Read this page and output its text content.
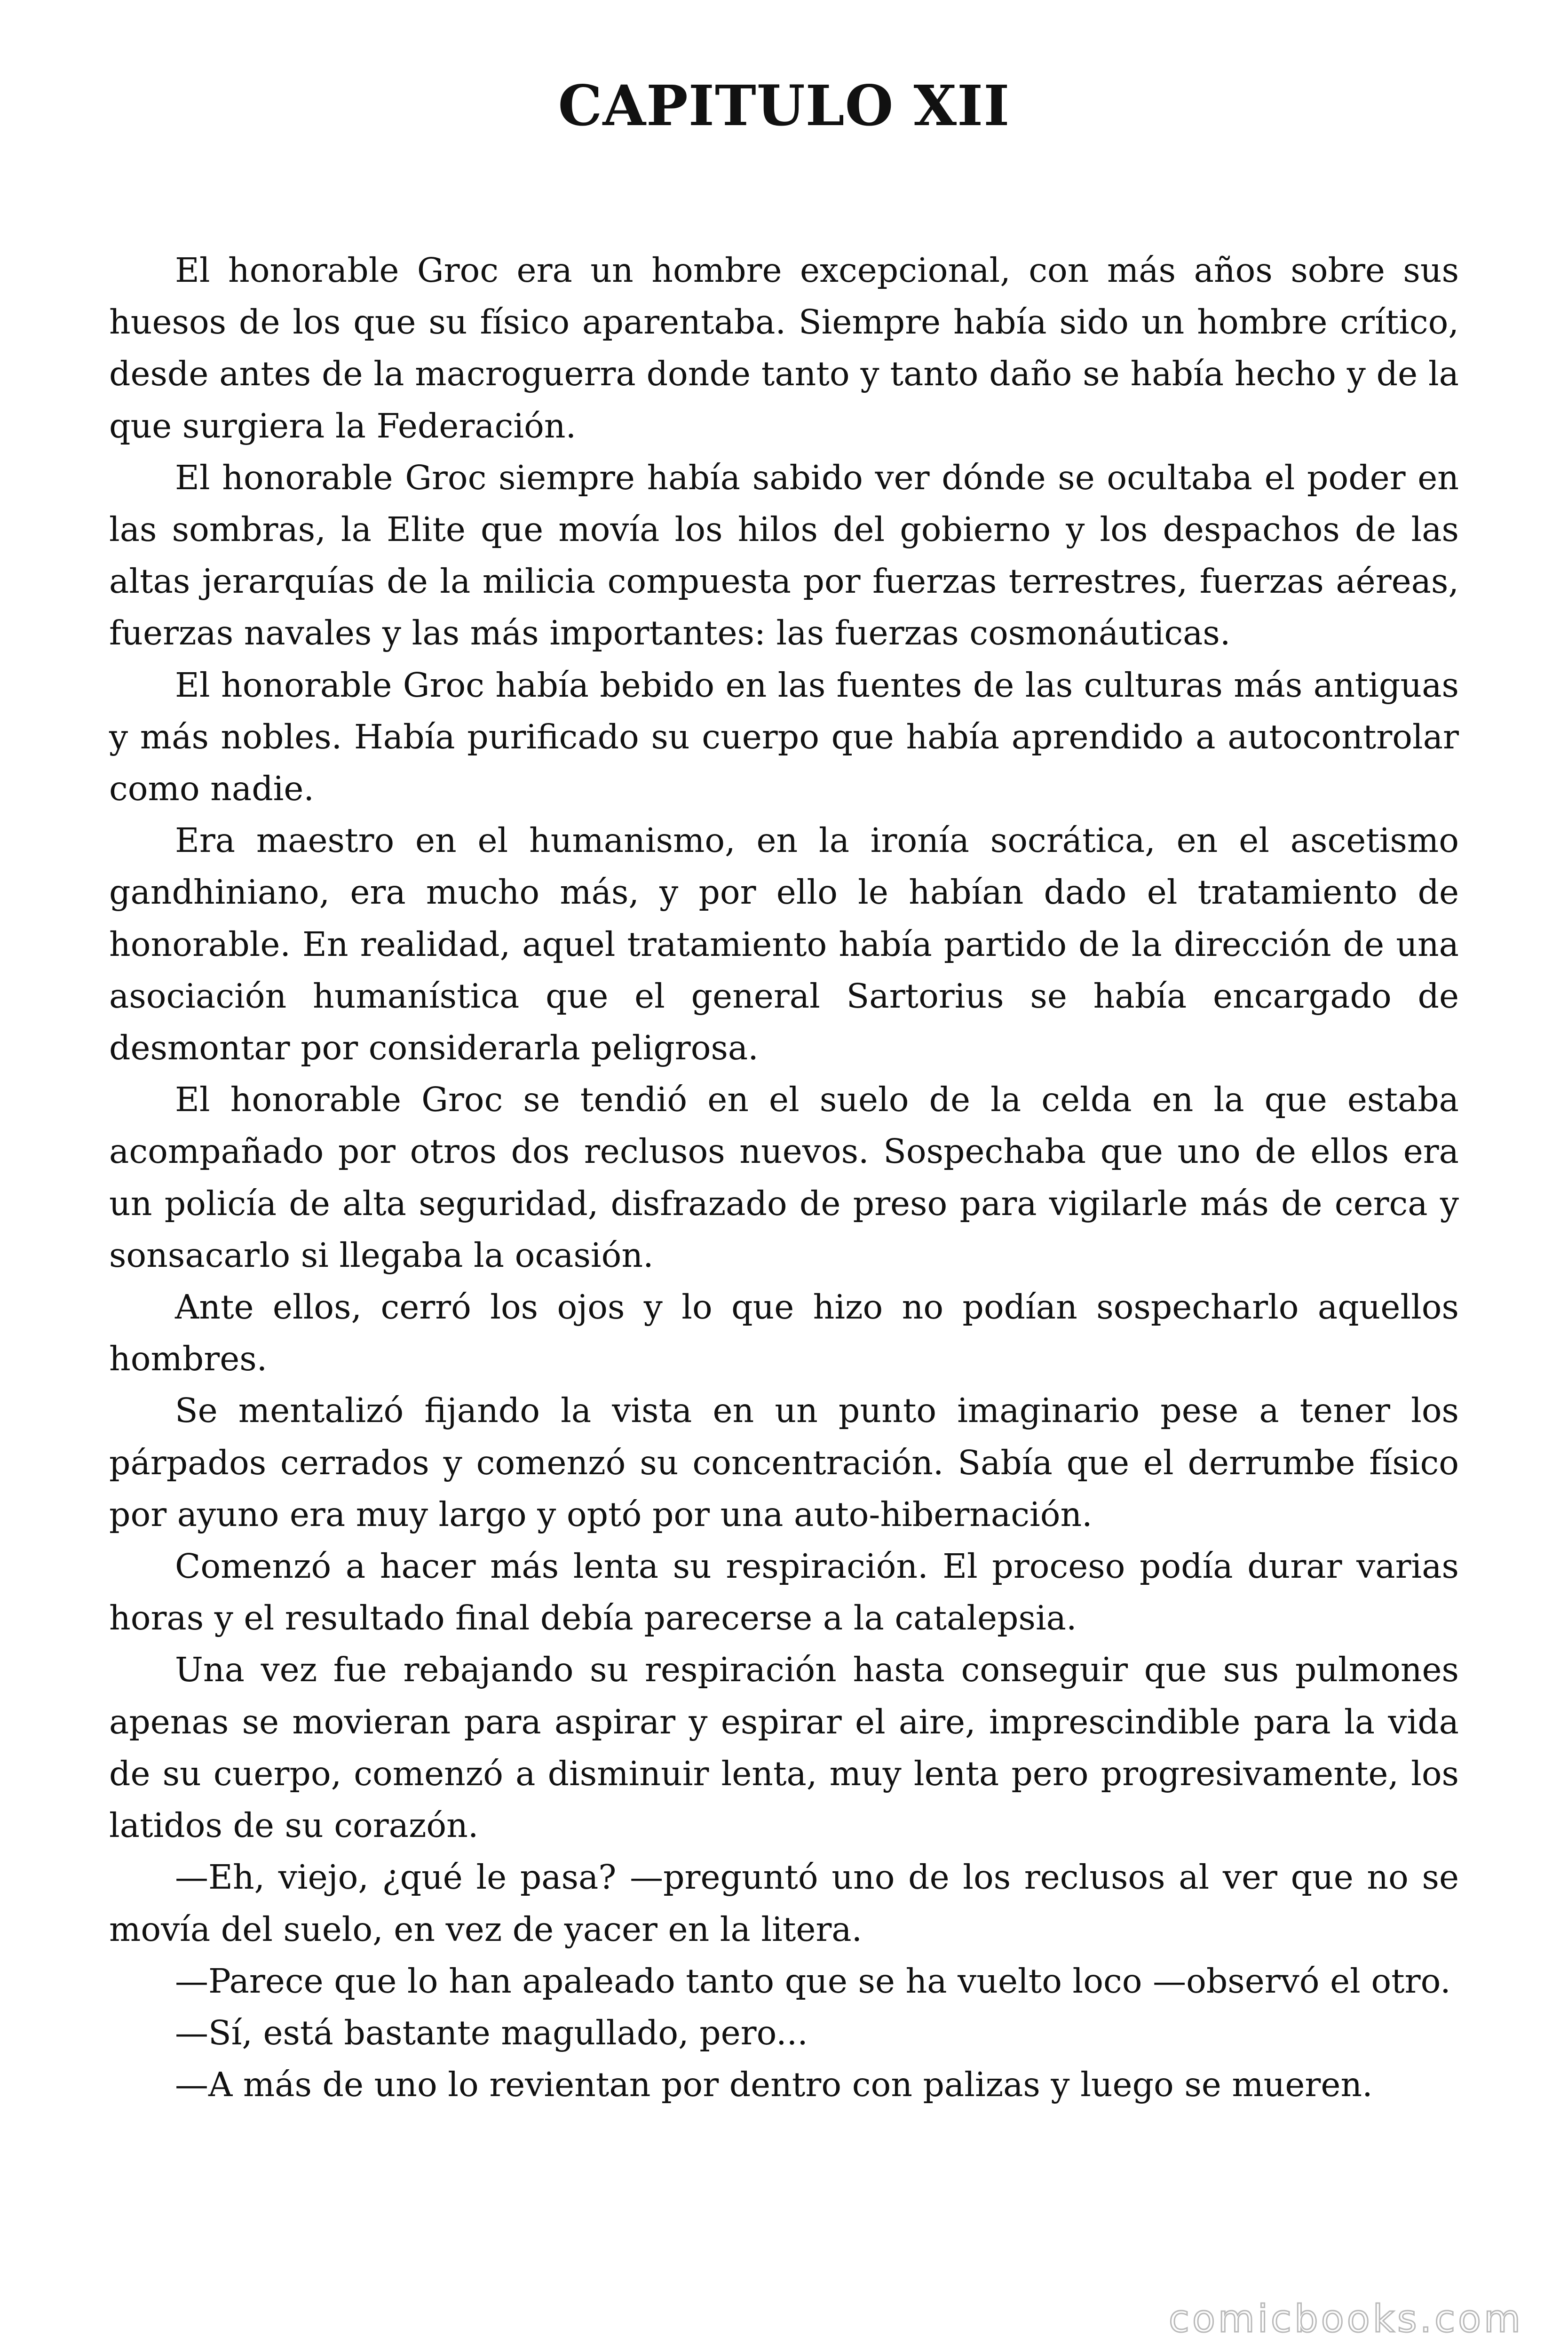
CAPITULO XII

El honorable Groc era un hombre excepcional, con más años sobre sus huesos de los que su físico aparentaba. Siempre había sido un hombre crítico, desde antes de la macroguerra donde tanto y tanto daño se había hecho y de la que surgiera la Federación.

El honorable Groc siempre había sabido ver dónde se ocultaba el poder en las sombras, la Elite que movía los hilos del gobierno y los despachos de las altas jerarquías de la milicia compuesta por fuerzas terrestres, fuerzas aéreas, fuerzas navales y las más importantes: las fuerzas cosmonáuticas.

El honorable Groc había bebido en las fuentes de las culturas más antiguas y más nobles. Había purificado su cuerpo que había aprendido a autocontrolar como nadie.

Era maestro en el humanismo, en la ironía socrática, en el ascetismo gandhiniano, era mucho más, y por ello le habían dado el tratamiento de honorable. En realidad, aquel tratamiento había partido de la dirección de una asociación humanística que el general Sartorius se había encargado de desmontar por considerarla peligrosa.

El honorable Groc se tendió en el suelo de la celda en la que estaba acompañado por otros dos reclusos nuevos. Sospechaba que uno de ellos era un policía de alta seguridad, disfrazado de preso para vigilarle más de cerca y sonsacarlo si llegaba la ocasión.

Ante ellos, cerró los ojos y lo que hizo no podían sospecharlo aquellos hombres.

Se mentalizó fijando la vista en un punto imaginario pese a tener los párpados cerrados y comenzó su concentración. Sabía que el derrumbe físico por ayuno era muy largo y optó por una auto-hibernación.

Comenzó a hacer más lenta su respiración. El proceso podía durar varias horas y el resultado final debía parecerse a la catalepsia.

Una vez fue rebajando su respiración hasta conseguir que sus pulmones apenas se movieran para aspirar y espirar el aire, imprescindible para la vida de su cuerpo, comenzó a disminuir lenta, muy lenta pero progresivamente, los latidos de su corazón.

—Eh, viejo, ¿qué le pasa? —preguntó uno de los reclusos al ver que no se movía del suelo, en vez de yacer en la litera.

—Parece que lo han apaleado tanto que se ha vuelto loco —observó el otro.

—Sí, está bastante magullado, pero...

—A más de uno lo revientan por dentro con palizas y luego se mueren.

comicbooks.com
